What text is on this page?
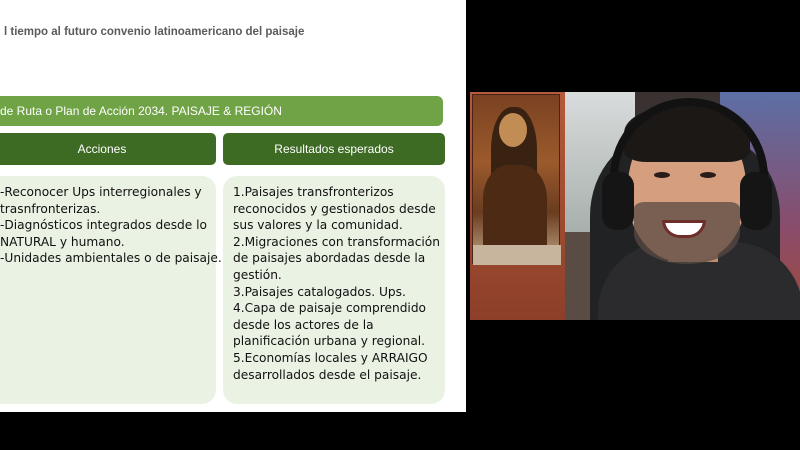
l tiempo al futuro convenio latinoamericano del paisaje
de Ruta o Plan de Acción 2034. PAISAJE & REGIÓN
Acciones	Resultados esperados
-Reconocer Ups interregionales y
trasnfronterizas.
-Diagnósticos integrados desde lo
NATURAL y humano.
-Unidades ambientales o de paisaje.
1.Paisajes transfronterizos
reconocidos y gestionados desde
sus valores y la comunidad.
2.Migraciones con transformación
de paisajes abordadas desde la
gestión.
3.Paisajes catalogados. Ups.
4.Capa de paisaje comprendido
desde los actores de la
planificación urbana y regional.
5.Economías locales y ARRAIGO
desarrollados desde el paisaje.
